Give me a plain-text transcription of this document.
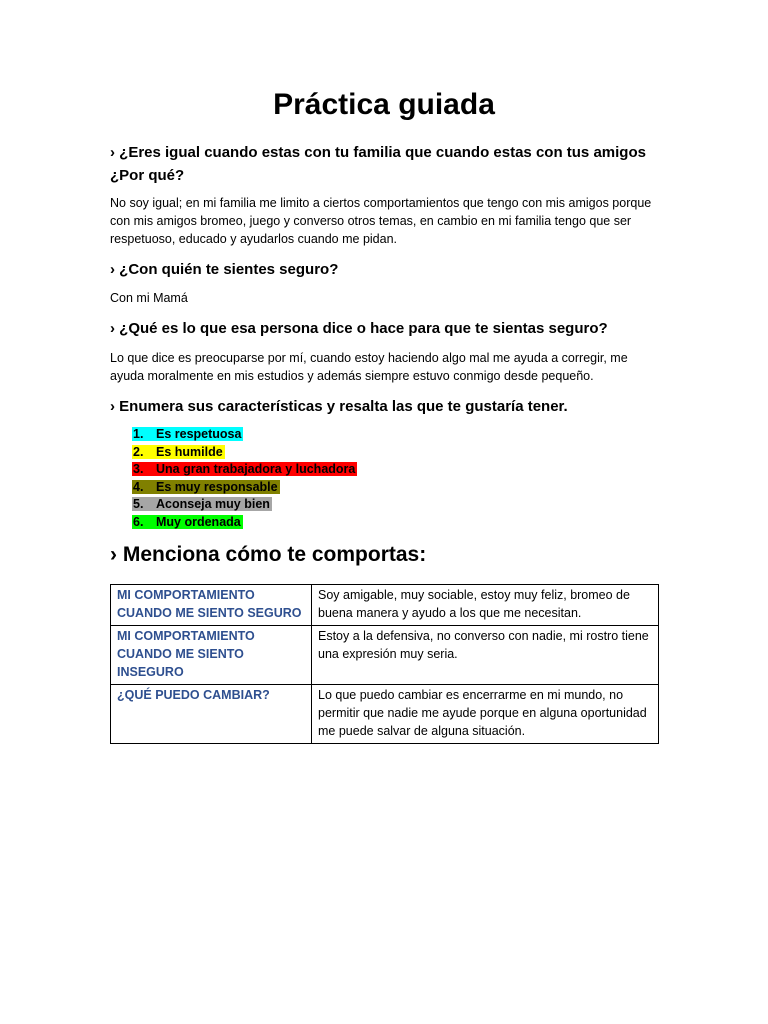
Práctica guiada

› ¿Eres igual cuando estas con tu familia que cuando estas con tus amigos ¿Por qué?

No soy igual; en mi familia me limito a ciertos comportamientos que tengo con mis amigos porque con mis amigos bromeo, juego y converso otros temas, en cambio en mi familia tengo que ser respetuoso, educado y ayudarlos cuando me pidan.

› ¿Con quién te sientes seguro?

Con mi Mamá

› ¿Qué es lo que esa persona dice o hace para que te sientas seguro?

Lo que dice es preocuparse por mí, cuando estoy haciendo algo mal me ayuda a corregir, me ayuda moralmente en mis estudios y además siempre estuvo conmigo desde pequeño.

› Enumera sus características y resalta las que te gustaría tener.

1. Es respetuosa
2. Es humilde
3. Una gran trabajadora y luchadora
4. Es muy responsable
5. Aconseja muy bien
6. Muy ordenada
› Menciona cómo te comportas:
MI COMPORTAMIENTO CUANDO ME SIENTO SEGURO	Soy amigable, muy sociable, estoy muy feliz, bromeo de buena manera y ayudo a los que me necesitan.
MI COMPORTAMIENTO CUANDO ME SIENTO INSEGURO	Estoy a la defensiva, no converso con nadie, mi rostro tiene una expresión muy seria.
¿QUÉ PUEDO CAMBIAR?	Lo que puedo cambiar es encerrarme en mi mundo, no permitir que nadie me ayude porque en alguna oportunidad me puede salvar de alguna situación.
